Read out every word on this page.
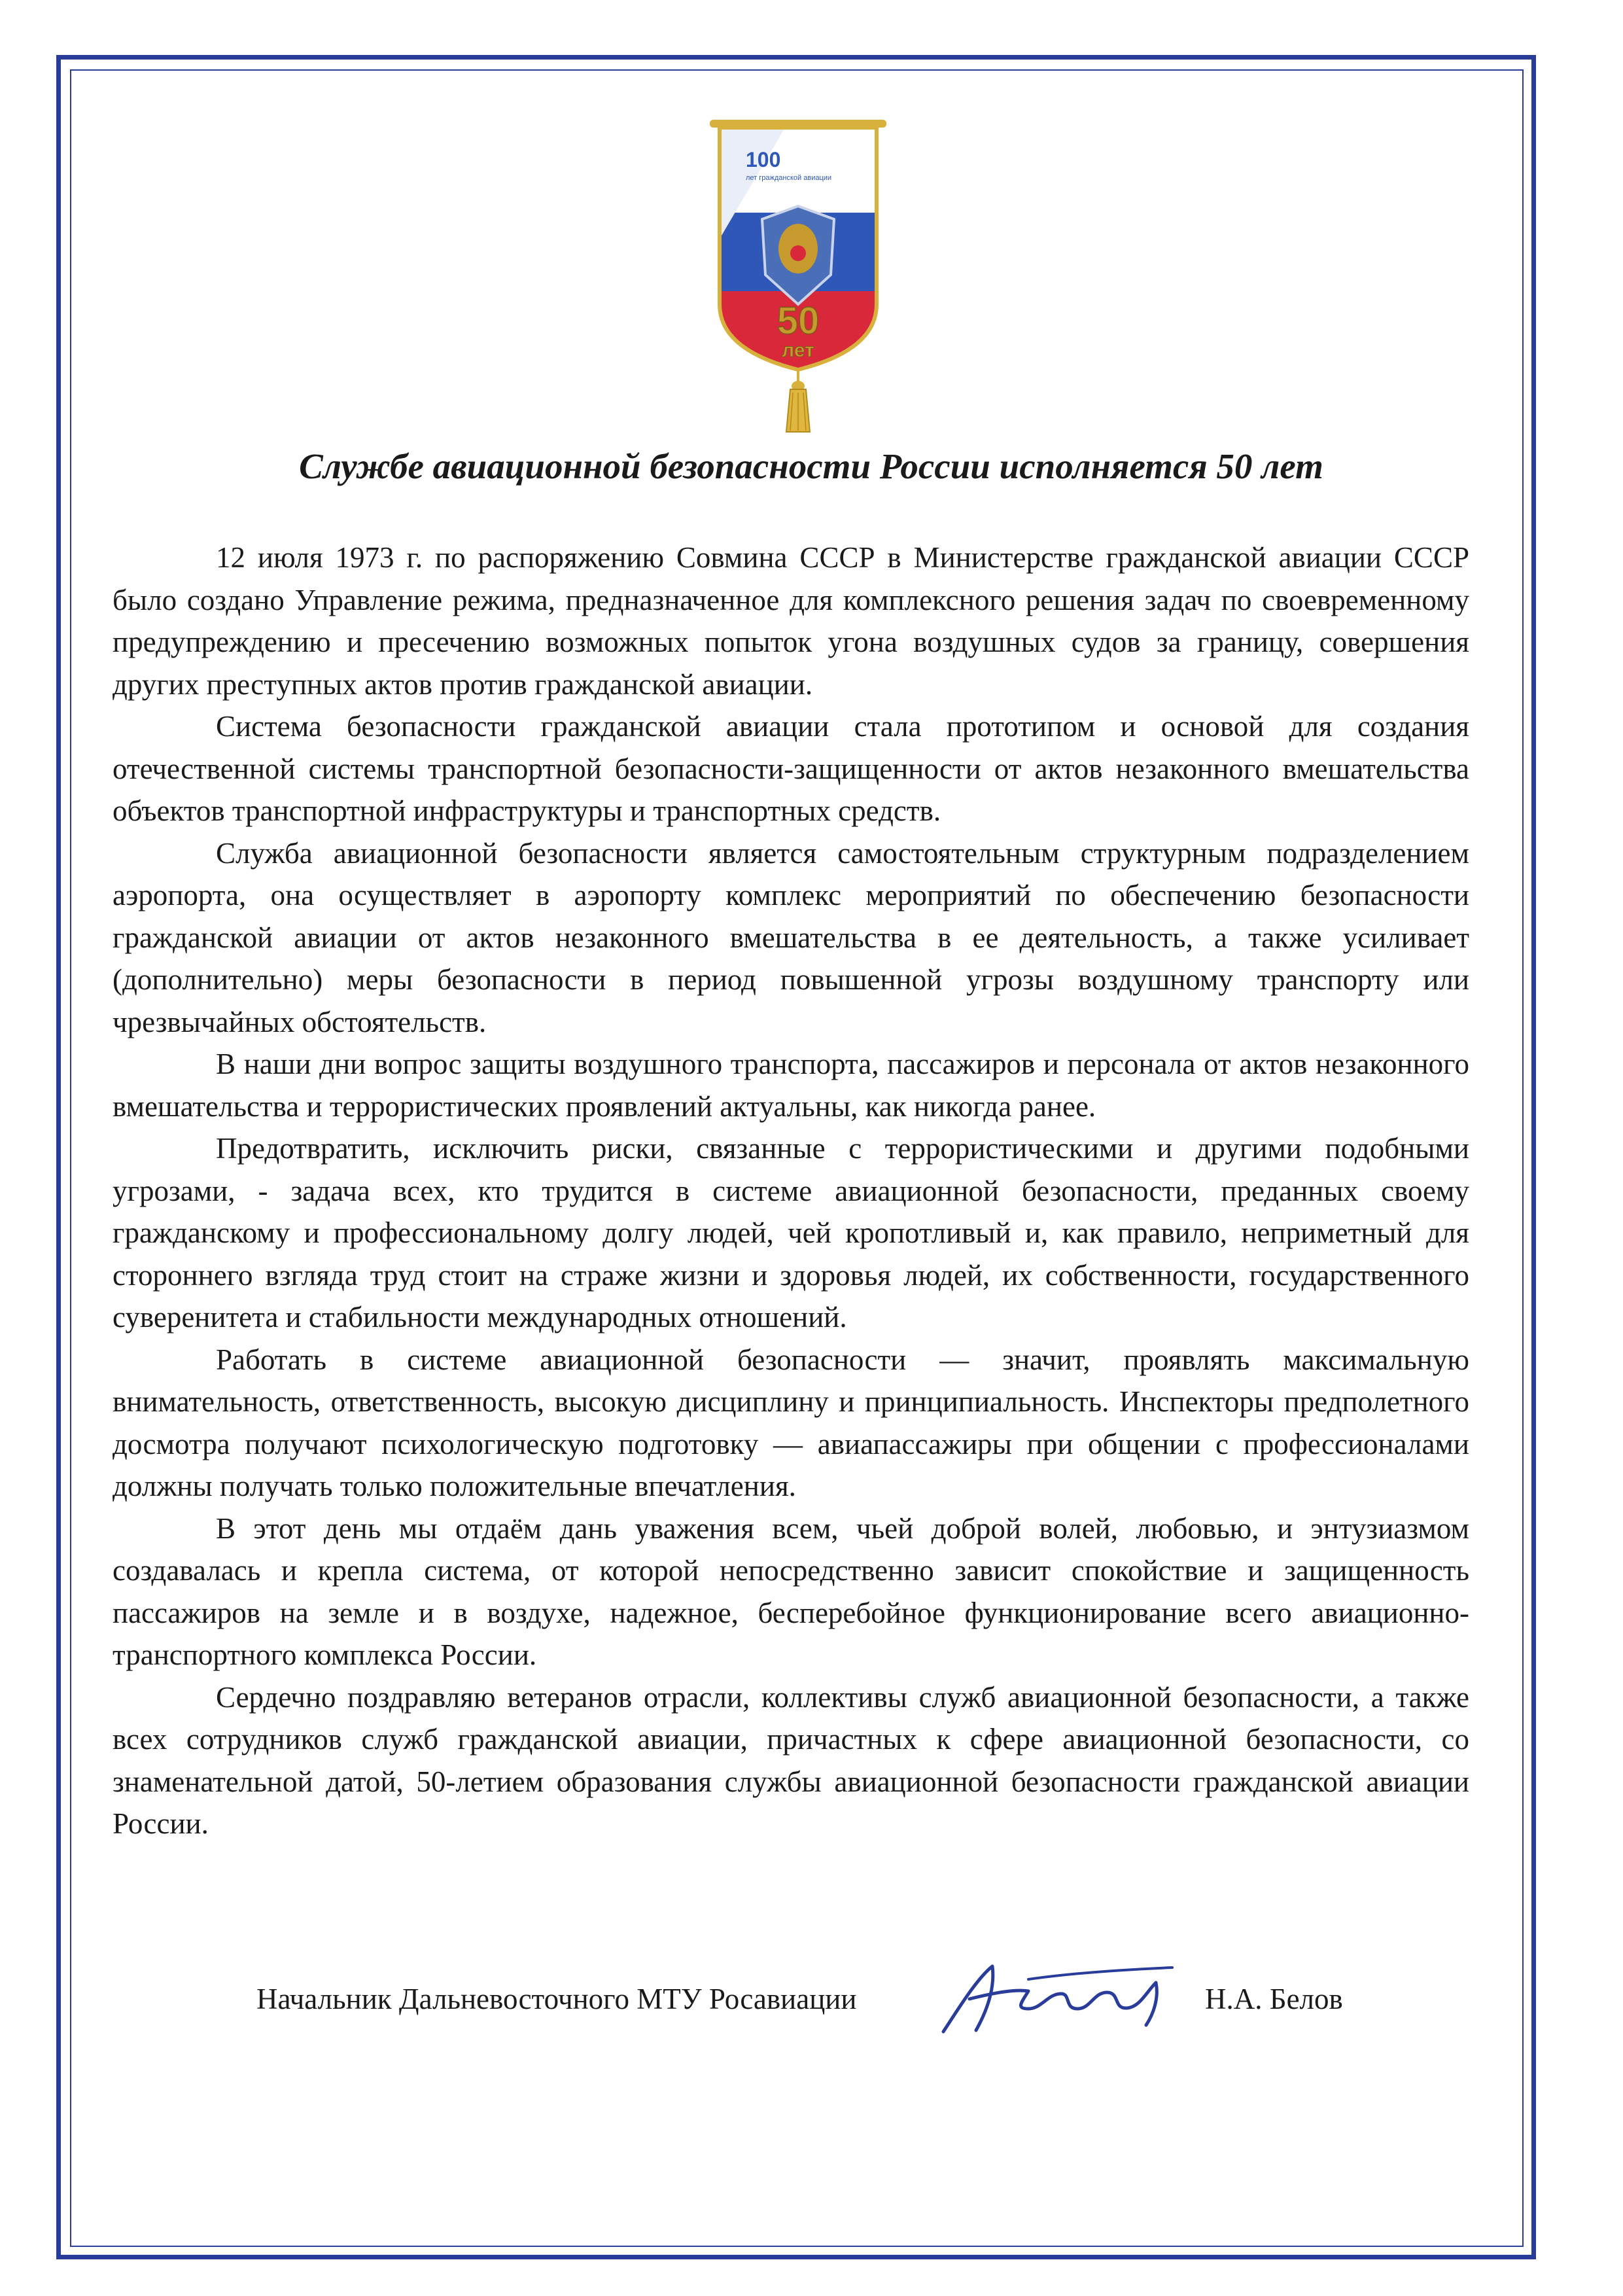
100
лет гражданской авиации
50
лет
Службе авиационной безопасности России исполняется 50 лет

12 июля 1973 г. по распоряжению Совмина СССР в Министерстве гражданской авиации СССР было создано Управление режима, предназначенное для комплексного решения задач по своевременному предупреждению и пресечению возможных попыток угона воздушных судов за границу, совершения других преступных актов против гражданской авиации.

Система безопасности гражданской авиации стала прототипом и основой для создания отечественной системы транспортной безопасности-защищенности от актов незаконного вмешательства объектов транспортной инфраструктуры и транспортных средств.

Служба авиационной безопасности является самостоятельным структурным подразделением аэропорта, она осуществляет в аэропорту комплекс мероприятий по обеспечению безопасности гражданской авиации от актов незаконного вмешательства в ее деятельность, а также усиливает (дополнительно) меры безопасности в период повышенной угрозы воздушному транспорту или чрезвычайных обстоятельств.

В наши дни вопрос защиты воздушного транспорта, пассажиров и персонала от актов незаконного вмешательства и террористических проявлений актуальны, как никогда ранее.

Предотвратить, исключить риски, связанные с террористическими и другими подобными угрозами, - задача всех, кто трудится в системе авиационной безопасности, преданных своему гражданскому и профессиональному долгу людей, чей кропотливый и, как правило, неприметный для стороннего взгляда труд стоит на страже жизни и здоровья людей, их собственности, государственного суверенитета и стабильности международных отношений.

Работать в системе авиационной безопасности — значит, проявлять максимальную внимательность, ответственность, высокую дисциплину и принципиальность. Инспекторы предполетного досмотра получают психологическую подготовку — авиапассажиры при общении с профессионалами должны получать только положительные впечатления.

В этот день мы отдаём дань уважения всем, чьей доброй волей, любовью, и энтузиазмом создавалась и крепла система, от которой непосредственно зависит спокойствие и защищенность пассажиров на земле и в воздухе, надежное, бесперебойное функционирование всего авиационно-транспортного комплекса России.

Сердечно поздравляю ветеранов отрасли, коллективы служб авиационной безопасности, а также всех сотрудников служб гражданской авиации, причастных к сфере авиационной безопасности, со знаменательной датой, 50-летием образования службы авиационной безопасности гражданской авиации России.

Начальник Дальневосточного МТУ Росавиации	Н.А. Белов
